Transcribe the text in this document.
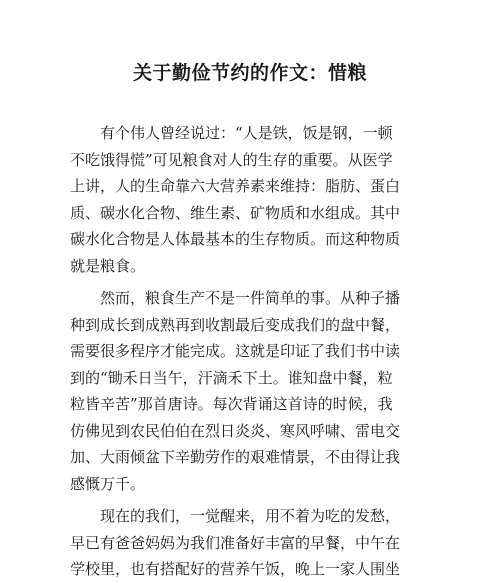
关于勤俭节约的作文：惜粮
　　有个伟人曾经说过：“人是铁，饭是钢，一顿
不吃饿得慌”可见粮食对人的生存的重要。从医学
上讲，人的生命靠六大营养素来维持：脂肪、蛋白
质、碳水化合物、维生素、矿物质和水组成。其中
碳水化合物是人体最基本的生存物质。而这种物质
就是粮食。
　　然而，粮食生产不是一件简单的事。从种子播
种到成长到成熟再到收割最后变成我们的盘中餐，
需要很多程序才能完成。这就是印证了我们书中读
到的“锄禾日当午，汗滴禾下土。谁知盘中餐，粒
粒皆辛苦”那首唐诗。每次背诵这首诗的时候，我
仿佛见到农民伯伯在烈日炎炎、寒风呼啸、雷电交
加、大雨倾盆下辛勤劳作的艰难情景，不由得让我
感慨万千。
　　现在的我们，一觉醒来，用不着为吃的发愁，
早已有爸爸妈妈为我们准备好丰富的早餐，中午在
学校里，也有搭配好的营养午饭，晚上一家人围坐
